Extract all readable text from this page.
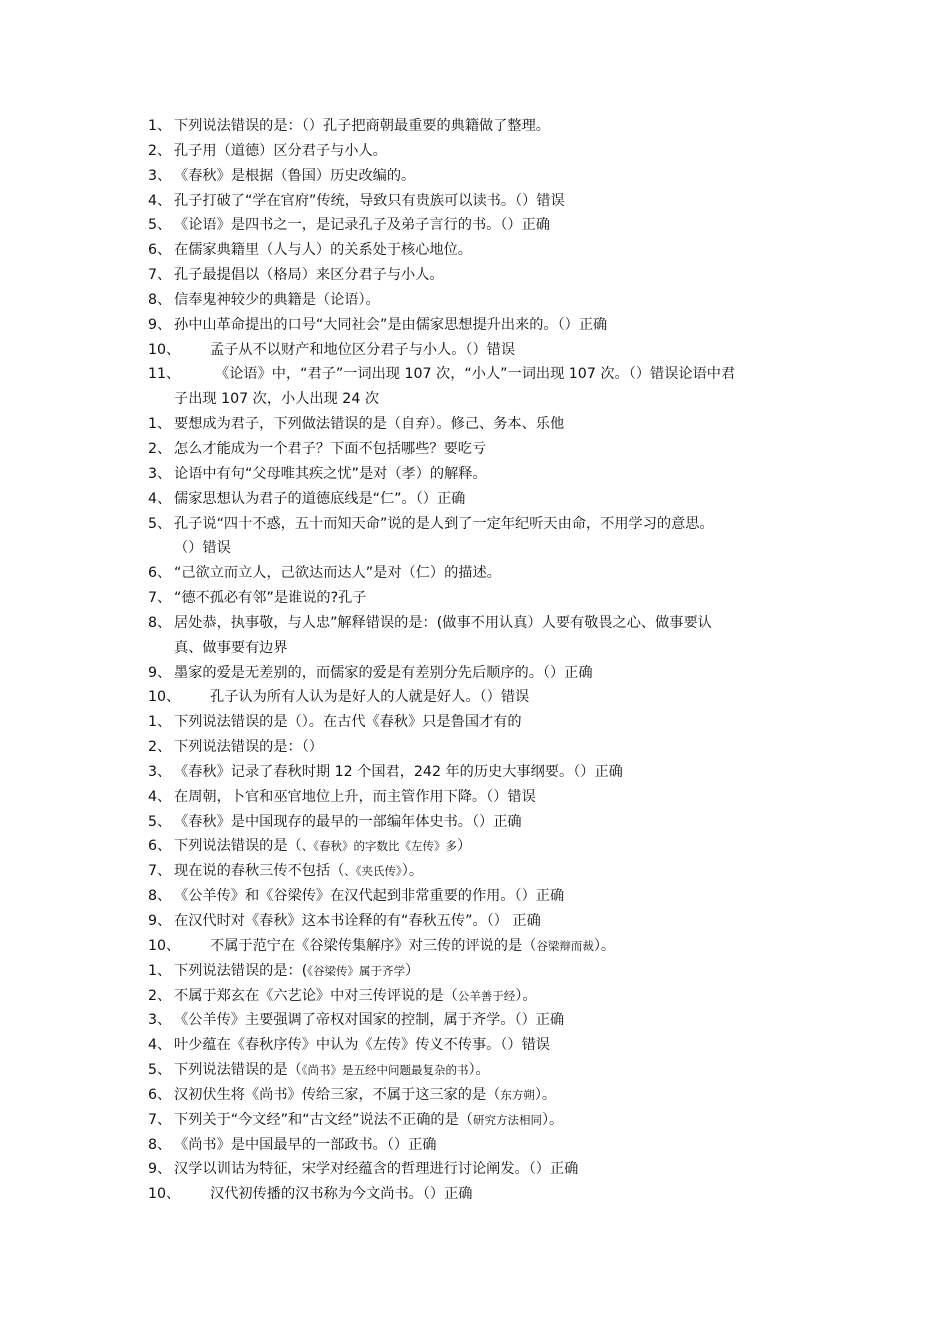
1、 下列说法错误的是：（）孔子把商朝最重要的典籍做了整理。
2、 孔子用（道德）区分君子与小人。
3、 《春秋》是根据（鲁国）历史改编的。
4、 孔子打破了“学在官府”传统，导致只有贵族可以读书。（）错误
5、 《论语》是四书之一，是记录孔子及弟子言行的书。（）正确
6、 在儒家典籍里（人与人）的关系处于核心地位。
7、 孔子最提倡以（格局）来区分君子与小人。
8、 信奉鬼神较少的典籍是（论语）。
9、 孙中山革命提出的口号“大同社会”是由儒家思想提升出来的。（）正确
10、 孟子从不以财产和地位区分君子与小人。（）错误
11、 《论语》中，“君子”一词出现 107 次，“小人”一词出现 107 次。（）错误论语中君
子出现 107 次，小人出现 24 次
1、 要想成为君子，下列做法错误的是（自弃）。修己、务本、乐他
2、 怎么才能成为一个君子？下面不包括哪些？要吃亏
3、 论语中有句“父母唯其疾之忧”是对（孝）的解释。
4、 儒家思想认为君子的道德底线是“仁”。（）正确
5、 孔子说“四十不惑，五十而知天命”说的是人到了一定年纪听天由命，不用学习的意思。
（）错误
6、 “己欲立而立人，己欲达而达人”是对（仁）的描述。
7、 “德不孤必有邻”是谁说的?孔子
8、 居处恭，执事敬，与人忠”解释错误的是：(做事不用认真）人要有敬畏之心、做事要认
真、做事要有边界
9、 墨家的爱是无差别的，而儒家的爱是有差别分先后顺序的。（）正确
10、 孔子认为所有人认为是好人的人就是好人。（）错误
1、 下列说法错误的是（）。在古代《春秋》只是鲁国才有的
2、 下列说法错误的是：（）
3、 《春秋》记录了春秋时期 12 个国君，242 年的历史大事纲要。（）正确
4、 在周朝，卜官和巫官地位上升，而主管作用下降。（）错误
5、 《春秋》是中国现存的最早的一部编年体史书。（）正确
6、 下列说法错误的是（、《春秋》的字数比《左传》多）
7、 现在说的春秋三传不包括（、《夹氏传》）。
8、 《公羊传》和《谷梁传》在汉代起到非常重要的作用。（）正确
9、 在汉代时对《春秋》这本书诠释的有“春秋五传”。（） 正确
10、 不属于范宁在《谷梁传集解序》对三传的评说的是（谷梁辩而裁）。
1、 下列说法错误的是：(《谷梁传》属于齐学）
2、 不属于郑玄在《六艺论》中对三传评说的是（公羊善于经）。
3、 《公羊传》主要强调了帝权对国家的控制，属于齐学。（）正确
4、 叶少蕴在《春秋序传》中认为《左传》传义不传事。（）错误
5、 下列说法错误的是（《尚书》是五经中问题最复杂的书）。
6、 汉初伏生将《尚书》传给三家，不属于这三家的是（东方朔）。
7、 下列关于“今文经”和“古文经”说法不正确的是（研究方法相同）。
8、 《尚书》是中国最早的一部政书。（）正确
9、 汉学以训诂为特征，宋学对经蕴含的哲理进行讨论阐发。（）正确
10、 汉代初传播的汉书称为今文尚书。（）正确
